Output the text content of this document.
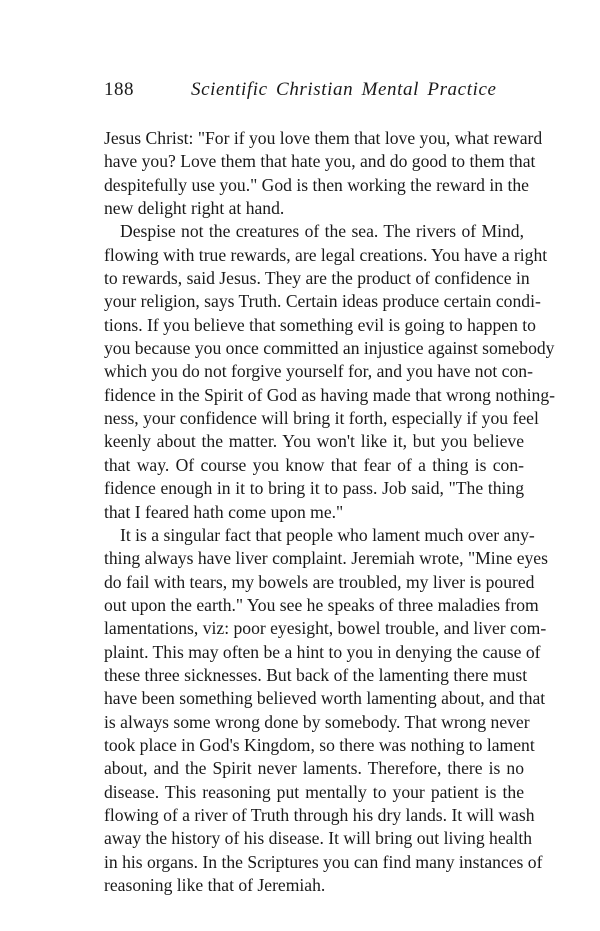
188	Scientific Christian Mental Practice
Jesus Christ: "For if you love them that love you, what reward
have you? Love them that hate you, and do good to them that
despitefully use you." God is then working the reward in the
new delight right at hand.
Despise not the creatures of the sea. The rivers of Mind,
flowing with true rewards, are legal creations. You have a right
to rewards, said Jesus. They are the product of confidence in
your religion, says Truth. Certain ideas produce certain condi-
tions. If you believe that something evil is going to happen to
you because you once committed an injustice against somebody
which you do not forgive yourself for, and you have not con-
fidence in the Spirit of God as having made that wrong nothing-
ness, your confidence will bring it forth, especially if you feel
keenly about the matter. You won't like it, but you believe
that way. Of course you know that fear of a thing is con-
fidence enough in it to bring it to pass. Job said, "The thing
that I feared hath come upon me."
It is a singular fact that people who lament much over any-
thing always have liver complaint. Jeremiah wrote, "Mine eyes
do fail with tears, my bowels are troubled, my liver is poured
out upon the earth." You see he speaks of three maladies from
lamentations, viz: poor eyesight, bowel trouble, and liver com-
plaint. This may often be a hint to you in denying the cause of
these three sicknesses. But back of the lamenting there must
have been something believed worth lamenting about, and that
is always some wrong done by somebody. That wrong never
took place in God's Kingdom, so there was nothing to lament
about, and the Spirit never laments. Therefore, there is no
disease. This reasoning put mentally to your patient is the
flowing of a river of Truth through his dry lands. It will wash
away the history of his disease. It will bring out living health
in his organs. In the Scriptures you can find many instances of
reasoning like that of Jeremiah.
